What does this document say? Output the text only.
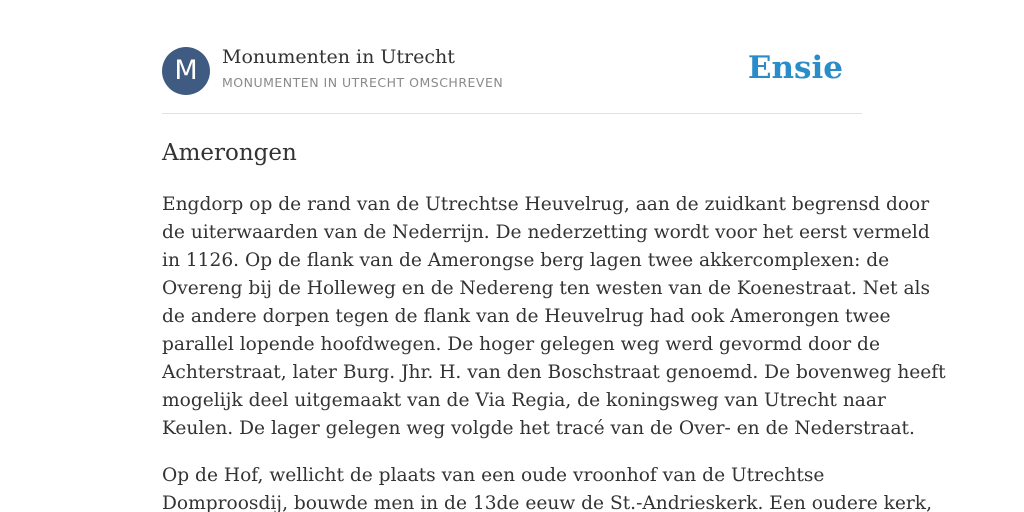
M	Monumenten in Utrecht
MONUMENTEN IN UTRECHT OMSCHREVEN	Ensie
Amerongen

Engdorp op de rand van de Utrechtse Heuvelrug, aan de zuidkant begrensd door
de uiterwaarden van de Nederrijn. De nederzetting wordt voor het eerst vermeld
in 1126. Op de flank van de Amerongse berg lagen twee akkercomplexen: de
Overeng bij de Holleweg en de Nedereng ten westen van de Koenestraat. Net als
de andere dorpen tegen de flank van de Heuvelrug had ook Amerongen twee
parallel lopende hoofdwegen. De hoger gelegen weg werd gevormd door de
Achterstraat, later Burg. Jhr. H. van den Boschstraat genoemd. De bovenweg heeft
mogelijk deel uitgemaakt van de Via Regia, de koningsweg van Utrecht naar
Keulen. De lager gelegen weg volgde het tracé van de Over- en de Nederstraat.

Op de Hof, wellicht de plaats van een oude vroonhof van de Utrechtse
Domproosdij, bouwde men in de 13de eeuw de St.-Andrieskerk. Een oudere kerk,
